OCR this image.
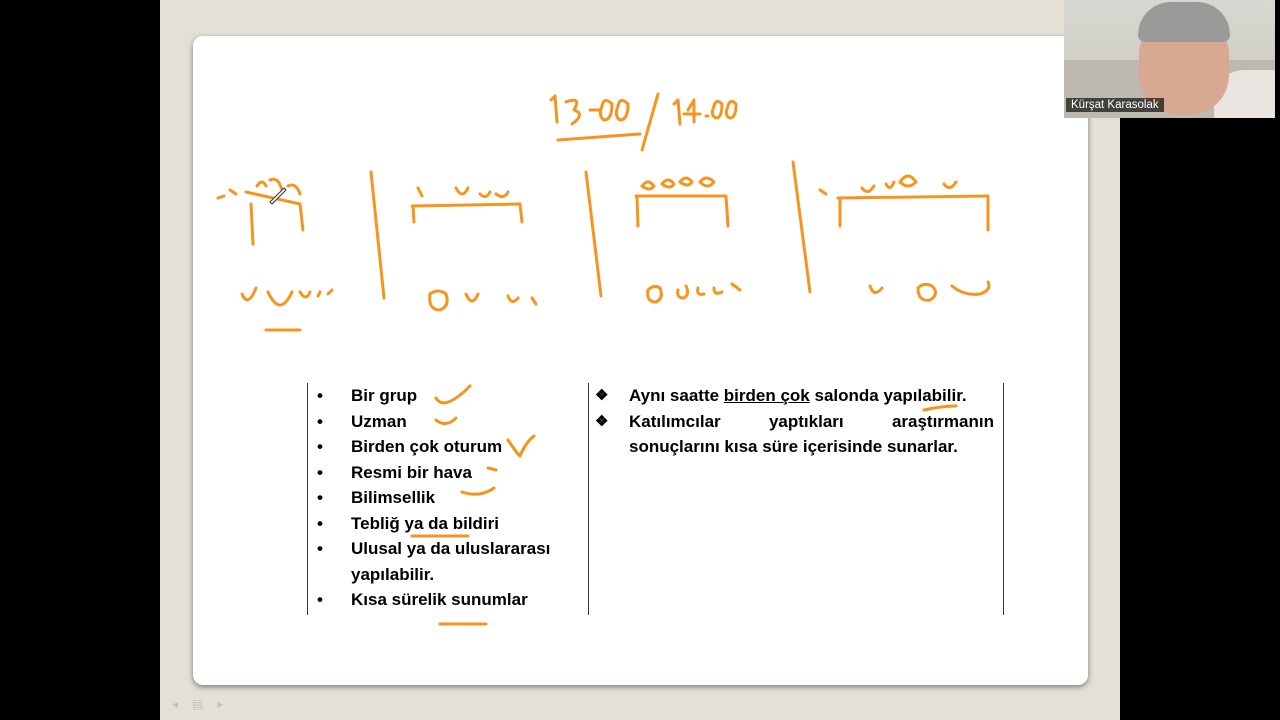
• Bir grup
• Uzman
• Birden çok oturum
• Resmi bir hava
• Bilimsellik
• Tebliğ ya da bildiri
• Ulusal ya da uluslararası yapılabilir.
• Kısa sürelik sunumlar
❖ Aynı saatte birden çok salonda yapılabilir.
❖ Katılımcılar yaptıkları araştırmanın sonuçlarını kısa süre içerisinde sunarlar.
◂ ▤ ▸
Kürşat Karasolak
